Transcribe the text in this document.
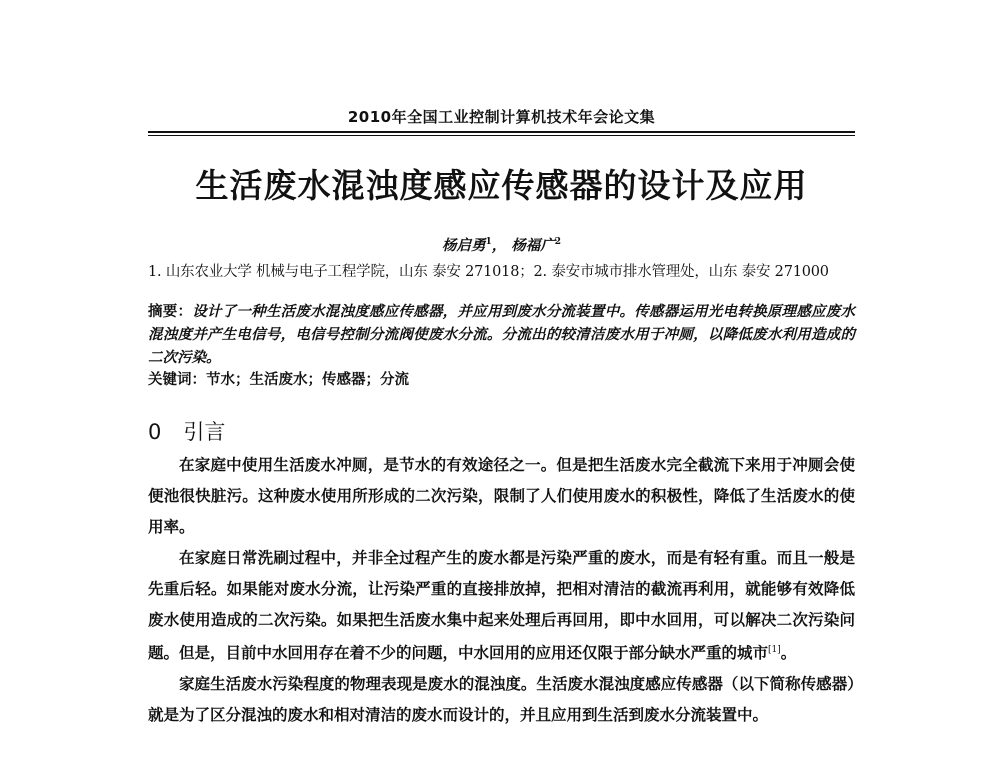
2010年全国工业控制计算机技术年会论文集
生活废水混浊度感应传感器的设计及应用
杨启勇$^1$， 杨福广$^2$
1. 山东农业大学 机械与电子工程学院，山东 泰安 271018；2. 泰安市城市排水管理处，山东 泰安 271000
摘要：设计了一种生活废水混浊度感应传感器，并应用到废水分流装置中。传感器运用光电转换原理感应废水混浊度并产生电信号，电信号控制分流阀使废水分流。分流出的较清洁废水用于冲厕，以降低废水利用造成的二次污染。
关键词：节水；生活废水；传感器；分流
0 引言

在家庭中使用生活废水冲厕，是节水的有效途径之一。但是把生活废水完全截流下来用于冲厕会使便池很快脏污。这种废水使用所形成的二次污染，限制了人们使用废水的积极性，降低了生活废水的使用率。

在家庭日常洗刷过程中，并非全过程产生的废水都是污染严重的废水，而是有轻有重。而且一般是先重后轻。如果能对废水分流，让污染严重的直接排放掉，把相对清洁的截流再利用，就能够有效降低废水使用造成的二次污染。如果把生活废水集中起来处理后再回用，即中水回用，可以解决二次污染问题。但是，目前中水回用存在着不少的问题，中水回用的应用还仅限于部分缺水严重的城市[1]。

家庭生活废水污染程度的物理表现是废水的混浊度。生活废水混浊度感应传感器（以下简称传感器）就是为了区分混浊的废水和相对清洁的废水而设计的，并且应用到生活到废水分流装置中。
